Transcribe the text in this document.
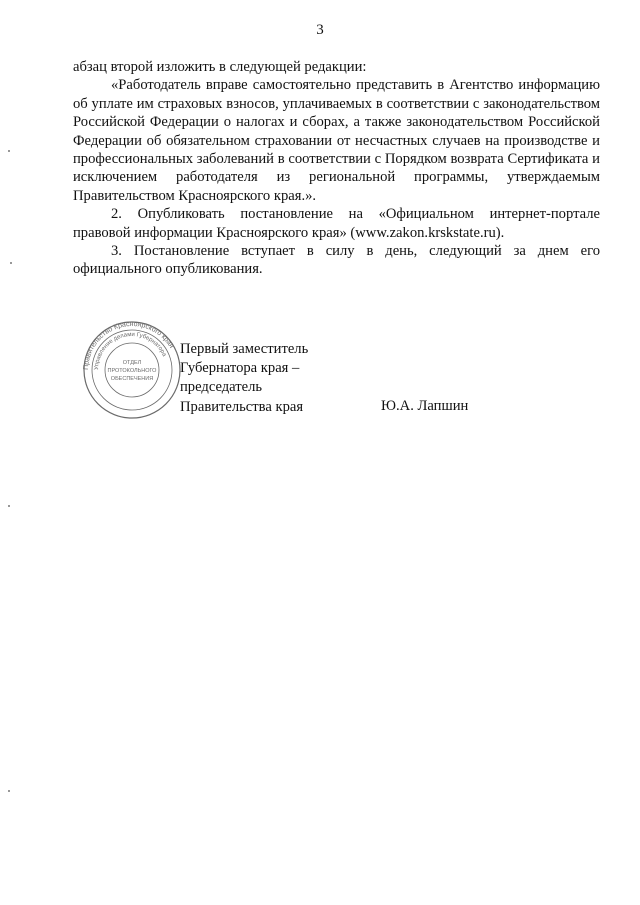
3

абзац второй изложить в следующей редакции:

«Работодатель вправе самостоятельно представить в Агентство информацию об уплате им страховых взносов, уплачиваемых в соответствии с законодательством Российской Федерации о налогах и сборах, а также законодательством Российской Федерации об обязательном страховании от несчастных случаев на производстве и профессиональных заболеваний в соответствии с Порядком возврата Сертификата и исключением работодателя из региональной программы, утверждаемым Правительством Красноярского края.».

2. Опубликовать постановление на «Официальном интернет-портале правовой информации Красноярского края» (www.zakon.krskstate.ru).

3. Постановление вступает в силу в день, следующий за днем его официального опубликования.

Правительство Красноярского края
Управление делами Губернатора
ОТДЕЛ
ПРОТОКОЛЬНОГО
ОБЕСПЕЧЕНИЯ
Первый заместитель
Губернатора края –
председатель
Правительства края	Ю.А. Лапшин
